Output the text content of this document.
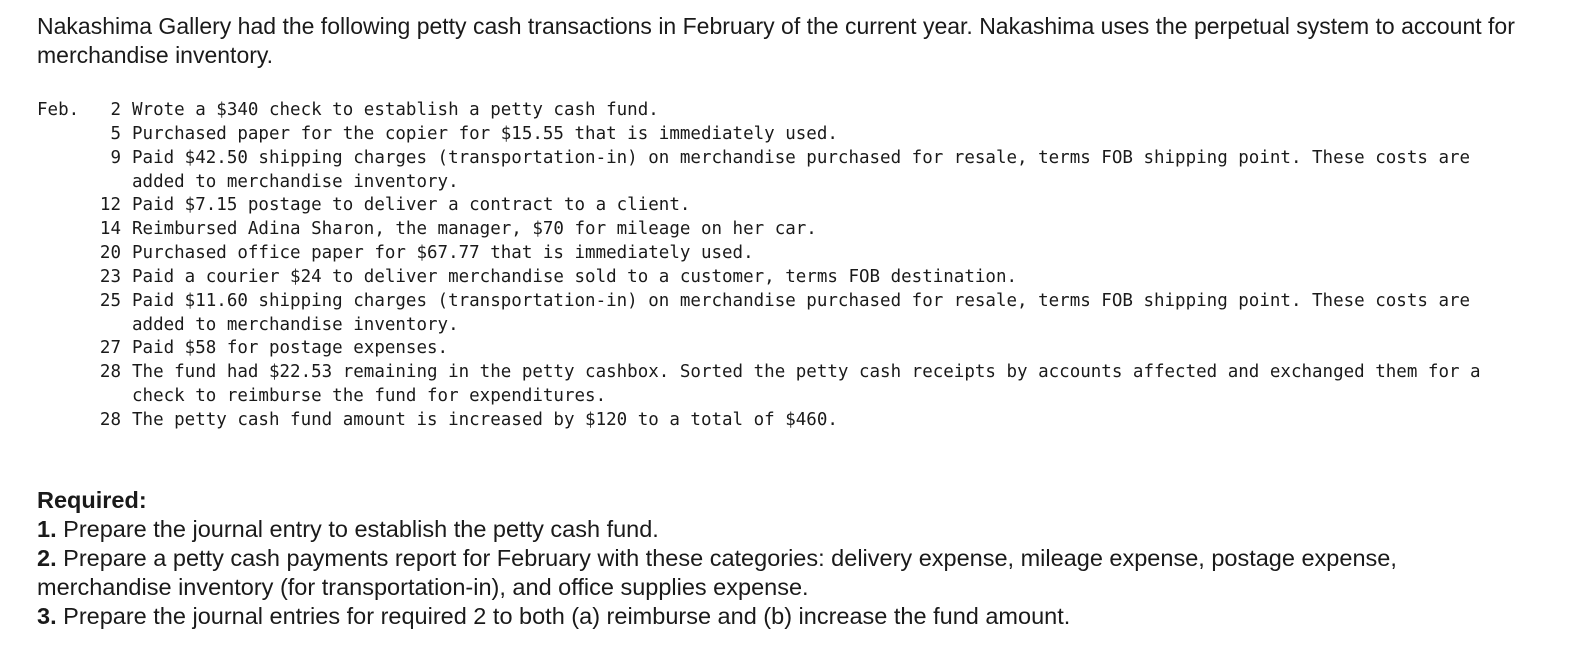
Nakashima Gallery had the following petty cash transactions in February of the current year. Nakashima uses the perpetual system to account for merchandise inventory.

Feb.	2 Wrote a $340 check to establish a petty cash fund.
5 Purchased paper for the copier for $15.55 that is immediately used.
9 Paid $42.50 shipping charges (transportation-in) on merchandise purchased for resale, terms FOB shipping point. These costs are added to merchandise inventory.
12 Paid $7.15 postage to deliver a contract to a client.
14 Reimbursed Adina Sharon, the manager, $70 for mileage on her car.
20 Purchased office paper for $67.77 that is immediately used.
23 Paid a courier $24 to deliver merchandise sold to a customer, terms FOB destination.
25 Paid $11.60 shipping charges (transportation-in) on merchandise purchased for resale, terms FOB shipping point. These costs are added to merchandise inventory.
27 Paid $58 for postage expenses.
28 The fund had $22.53 remaining in the petty cashbox. Sorted the petty cash receipts by accounts affected and exchanged them for a check to reimburse the fund for expenditures.
28 The petty cash fund amount is increased by $120 to a total of $460.
Required:

1. Prepare the journal entry to establish the petty cash fund.

2. Prepare a petty cash payments report for February with these categories: delivery expense, mileage expense, postage expense, merchandise inventory (for transportation-in), and office supplies expense.

3. Prepare the journal entries for required 2 to both (a) reimburse and (b) increase the fund amount.
